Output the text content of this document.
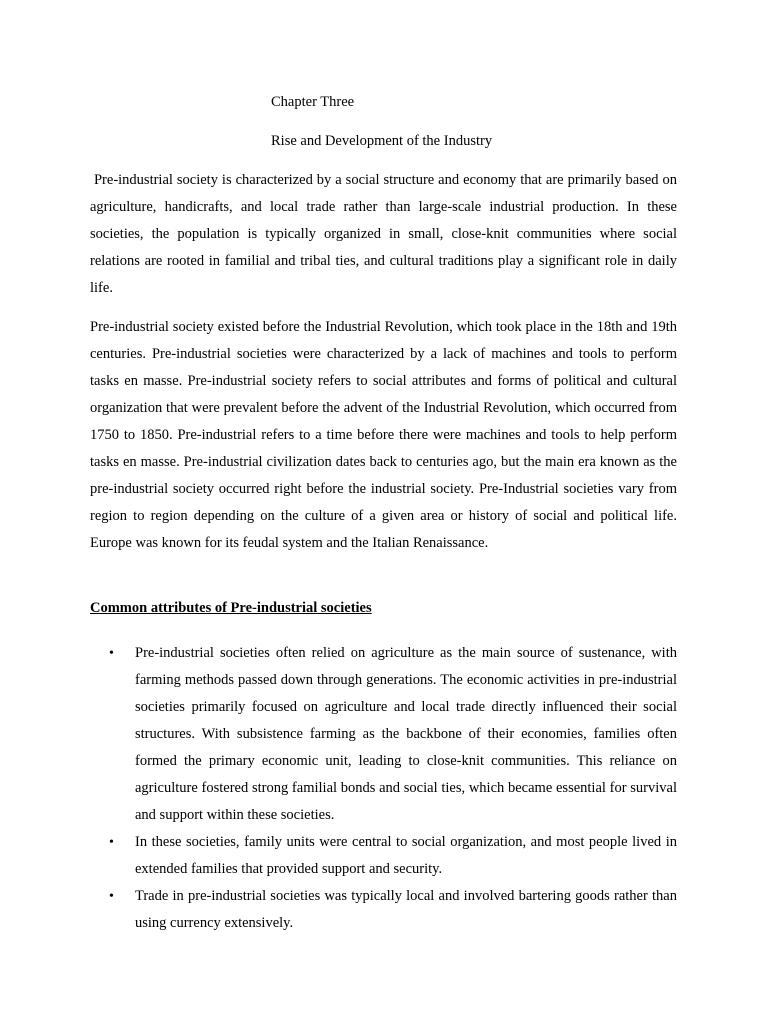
Chapter Three
Rise and Development of the Industry

Pre-industrial society is characterized by a social structure and economy that are primarily based on agriculture, handicrafts, and local trade rather than large-scale industrial production. In these societies, the population is typically organized in small, close-knit communities where social relations are rooted in familial and tribal ties, and cultural traditions play a significant role in daily life.

Pre-industrial society existed before the Industrial Revolution, which took place in the 18th and 19th centuries. Pre-industrial societies were characterized by a lack of machines and tools to perform tasks en masse. Pre-industrial society refers to social attributes and forms of political and cultural organization that were prevalent before the advent of the Industrial Revolution, which occurred from 1750 to 1850. Pre-industrial refers to a time before there were machines and tools to help perform tasks en masse. Pre-industrial civilization dates back to centuries ago, but the main era known as the pre-industrial society occurred right before the industrial society. Pre-Industrial societies vary from region to region depending on the culture of a given area or history of social and political life. Europe was known for its feudal system and the Italian Renaissance.

Common attributes of Pre-industrial societies
• Pre-industrial societies often relied on agriculture as the main source of sustenance, with farming methods passed down through generations. The economic activities in pre-industrial societies primarily focused on agriculture and local trade directly influenced their social structures. With subsistence farming as the backbone of their economies, families often formed the primary economic unit, leading to close-knit communities. This reliance on agriculture fostered strong familial bonds and social ties, which became essential for survival and support within these societies.
• In these societies, family units were central to social organization, and most people lived in extended families that provided support and security.
• Trade in pre-industrial societies was typically local and involved bartering goods rather than using currency extensively.
